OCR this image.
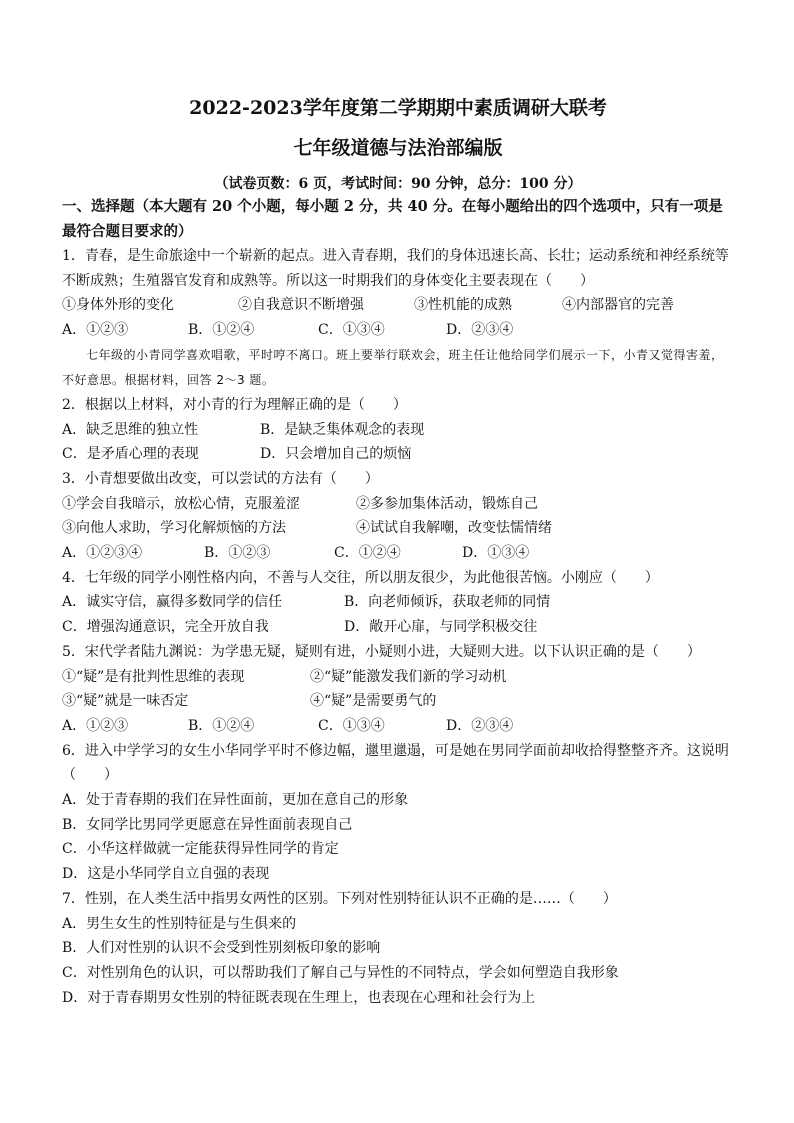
2022-2023学年度第二学期期中素质调研大联考
七年级道德与法治部编版
（试卷页数：6 页，考试时间：90 分钟，总分：100 分）
一、选择题（本大题有 20 个小题，每小题 2 分，共 40 分。在每小题给出的四个选项中，只有一项是最符合题目要求的）
1．青春，是生命旅途中一个崭新的起点。进入青春期，我们的身体迅速长高、长壮；运动系统和神经系统等不断成熟；生殖器官发育和成熟等。所以这一时期我们的身体变化主要表现在（　　）
①身体外形的变化	②自我意识不断增强	③性机能的成熟	④内部器官的完善
A．①②③	B．①②④	C．①③④	D．②③④
七年级的小青同学喜欢唱歌，平时哼不离口。班上要举行联欢会，班主任让他给同学们展示一下，小青又觉得害羞，不好意思。根据材料，回答 2～3 题。
2．根据以上材料，对小青的行为理解正确的是（　　）
A．缺乏思维的独立性	B．是缺乏集体观念的表现
C．是矛盾心理的表现	D．只会增加自己的烦恼
3．小青想要做出改变，可以尝试的方法有（　　）
①学会自我暗示，放松心情，克服羞涩	②多参加集体活动，锻炼自己
③向他人求助，学习化解烦恼的方法	④试试自我解嘲，改变怯懦情绪
A．①②③④	B．①②③	C．①②④	D．①③④
4．七年级的同学小刚性格内向，不善与人交往，所以朋友很少，为此他很苦恼。小刚应（　　）
A．诚实守信，赢得多数同学的信任	B．向老师倾诉，获取老师的同情
C．增强沟通意识，完全开放自我	D．敞开心扉，与同学积极交往
5．宋代学者陆九渊说：为学患无疑，疑则有进，小疑则小进，大疑则大进。以下认识正确的是（　　）
①“疑”是有批判性思维的表现	②“疑”能激发我们新的学习动机
③“疑”就是一味否定	④“疑”是需要勇气的
A．①②③	B．①②④	C．①③④	D．②③④
6．进入中学学习的女生小华同学平时不修边幅，邋里邋遢，可是她在男同学面前却收拾得整整齐齐。这说明（　　）
A．处于青春期的我们在异性面前，更加在意自己的形象
B．女同学比男同学更愿意在异性面前表现自己
C．小华这样做就一定能获得异性同学的肯定
D．这是小华同学自立自强的表现
7．性别，在人类生活中指男女两性的区别。下列对性别特征认识不正确的是……（　　）
A．男生女生的性别特征是与生俱来的
B．人们对性别的认识不会受到性别刻板印象的影响
C．对性别角色的认识，可以帮助我们了解自己与异性的不同特点，学会如何塑造自我形象
D．对于青春期男女性别的特征既表现在生理上，也表现在心理和社会行为上
